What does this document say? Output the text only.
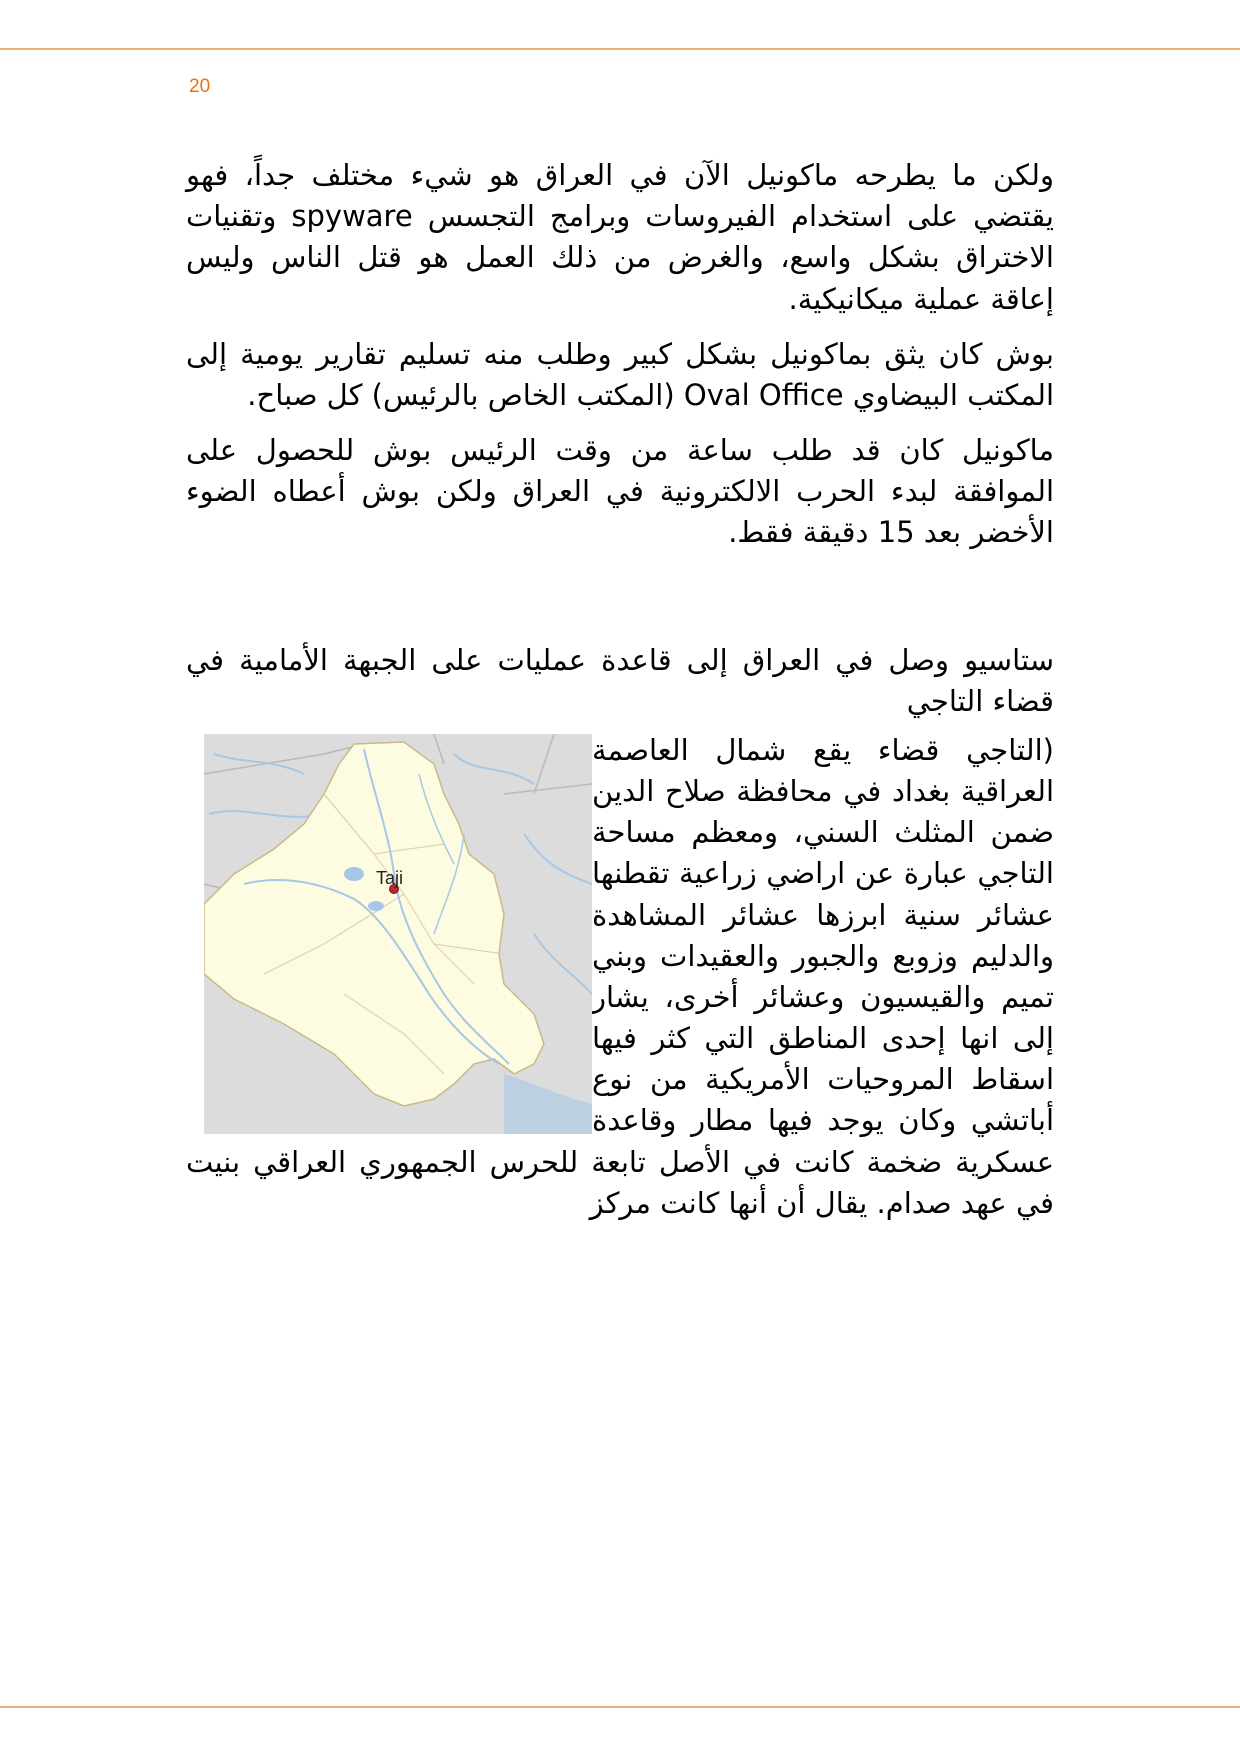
20

ولكن ما يطرحه ماكونيل الآن في العراق هو شيء مختلف جداً، فهو يقتضي على استخدام الفيروسات وبرامج التجسس spyware وتقنيات الاختراق بشكل واسع، والغرض من ذلك العمل هو قتل الناس وليس إعاقة عملية ميكانيكية.

بوش كان يثق بماكونيل بشكل كبير وطلب منه تسليم تقارير يومية إلى المكتب البيضاوي Oval Office (المكتب الخاص بالرئيس) كل صباح.

ماكونيل كان قد طلب ساعة من وقت الرئيس بوش للحصول على الموافقة لبدء الحرب الالكترونية في العراق ولكن بوش أعطاه الضوء الأخضر بعد 15 دقيقة فقط.

ستاسيو وصل في العراق إلى قاعدة عمليات على الجبهة الأمامية في قضاء التاجي

Taji

(التاجي قضاء يقع شمال العاصمة العراقية بغداد في محافظة صلاح الدين ضمن المثلث السني، ومعظم مساحة التاجي عبارة عن اراضي زراعية تقطنها عشائر سنية ابرزها عشائر المشاهدة والدليم وزوبع والجبور والعقيدات وبني تميم والقيسيون وعشائر أخرى، يشار إلى انها إحدى المناطق التي كثر فيها اسقاط المروحيات الأمريكية من نوع أباتشي وكان يوجد فيها مطار وقاعدة عسكرية ضخمة كانت في الأصل تابعة للحرس الجمهوري العراقي بنيت في عهد صدام. يقال أن أنها كانت مركز
